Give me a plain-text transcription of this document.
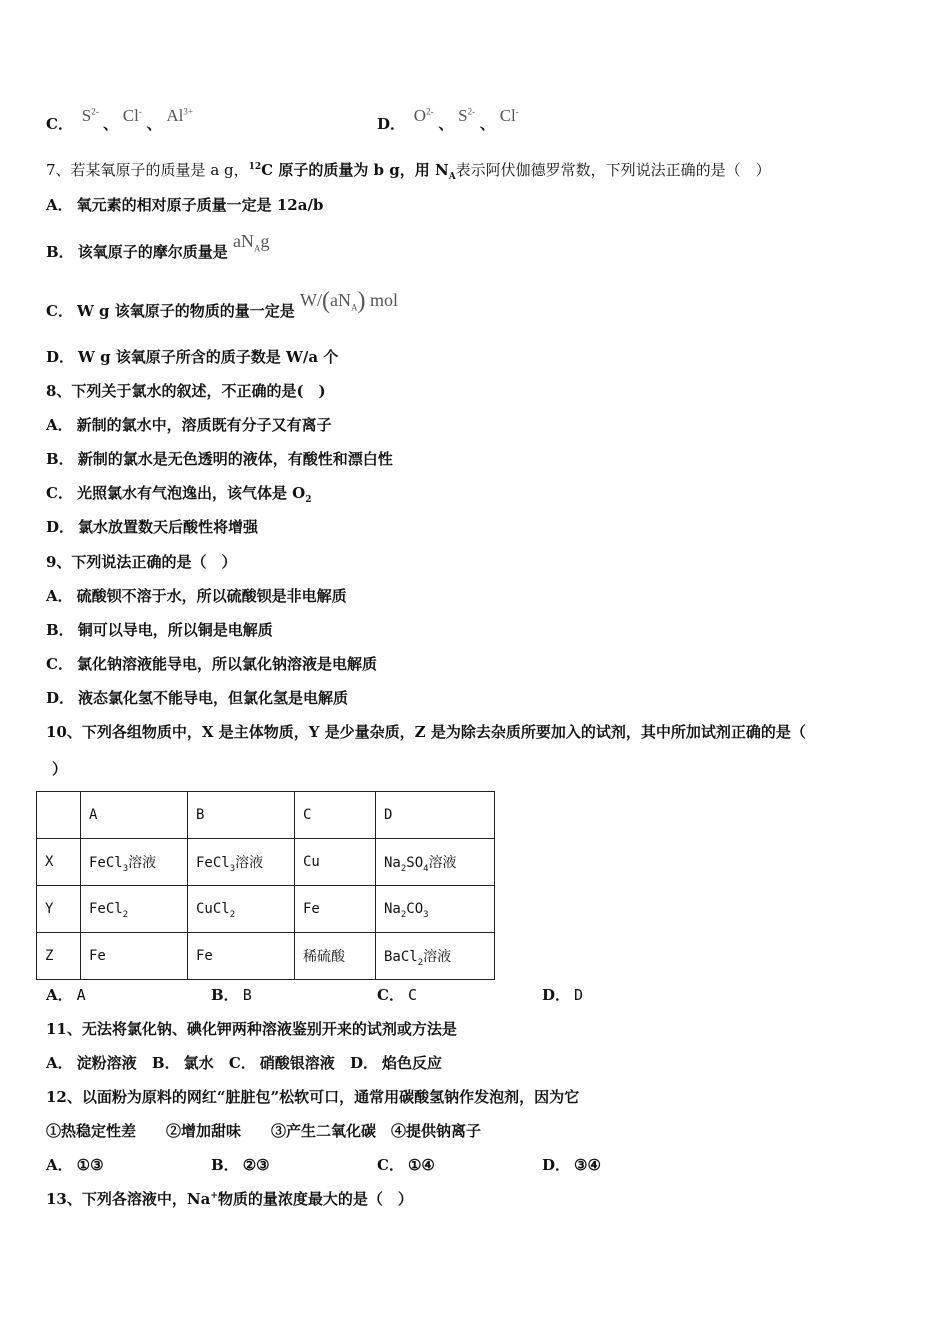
C． $S^{2-}$ 、 Cl- 、 $Al^{3+}$
D． $O^{2-}$ 、 $S^{2-}$ 、 Cl-
7、若某氧原子的质量是 a g，$^{12}$C 原子的质量为 b g，用 $N_A$表示阿伏伽德罗常数，下列说法正确的是（　）
A． 氧元素的相对原子质量一定是 12a/b
B． 该氧原子的摩尔质量是 $aN_Ag$
C． W g 该氧原子的物质的量一定是 $W/(aN_A)$ mol
D． W g 该氧原子所含的质子数是 W/a 个
8、下列关于氯水的叙述，不正确的是(　)
A． 新制的氯水中，溶质既有分子又有离子
B． 新制的氯水是无色透明的液体，有酸性和漂白性
C． 光照氯水有气泡逸出，该气体是 $O_2$
D． 氯水放置数天后酸性将增强
9、下列说法正确的是（　）
A． 硫酸钡不溶于水，所以硫酸钡是非电解质
B． 铜可以导电，所以铜是电解质
C． 氯化钠溶液能导电，所以氯化钠溶液是电解质
D． 液态氯化氢不能导电，但氯化氢是电解质
10、下列各组物质中，X 是主体物质，Y 是少量杂质，Z 是为除去杂质所要加入的试剂，其中所加试剂正确的是（
）
	A	B	C	D
X	FeCl$_3$溶液	FeCl$_3$溶液	Cu	$Na_2SO_4$溶液
Y	FeCl$_2$	CuCl$_2$	Fe	$Na_2CO_3$
Z	Fe	Fe	稀硫酸	BaCl$_2$溶液
A． A	B． B	C． C	D． D
11、无法将氯化钠、碘化钾两种溶液鉴别开来的试剂或方法是
A． 淀粉溶液 B． 氯水 C． 硝酸银溶液 D． 焰色反应
12、以面粉为原料的网红“脏脏包”松软可口，通常用碳酸氢钠作发泡剂，因为它
①热稳定性差　　②增加甜味　　③产生二氧化碳　④提供钠离子
A． ①③	B． ②③	C． ①④	D． ③④
13、下列各溶液中，Na+物质的量浓度最大的是（　）
